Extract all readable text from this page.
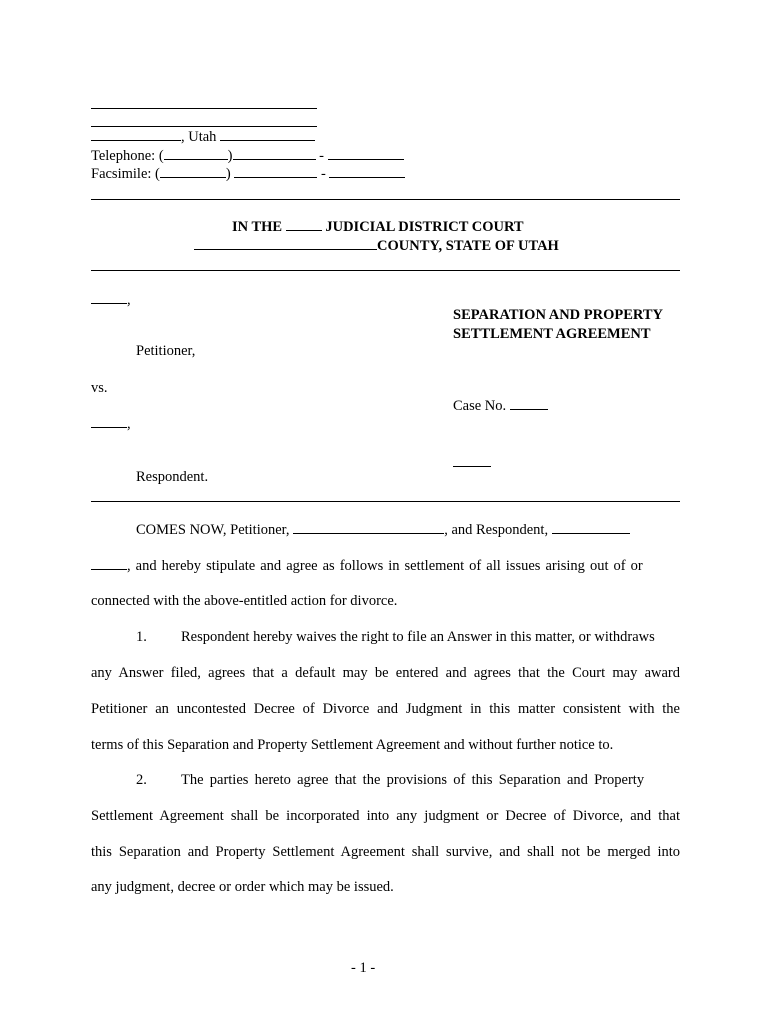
, Utah
Telephone: (	)	-
Facsimile: (	)	-
IN THE	JUDICIAL DISTRICT COURT
COUNTY, STATE OF UTAH
,
Petitioner,
vs.
,
Respondent.
SEPARATION AND PROPERTY
SETTLEMENT AGREEMENT
Case No.
COMES NOW, Petitioner,	, and Respondent,
, and hereby stipulate and agree as follows in settlement of all issues arising out of or
connected with the above-entitled action for divorce.
1. Respondent hereby waives the right to file an Answer in this matter, or withdraws
any Answer filed, agrees that a default may be entered and agrees that the Court may award
Petitioner an uncontested Decree of Divorce and Judgment in this matter consistent with the
terms of this Separation and Property Settlement Agreement and without further notice to.
2. The parties hereto agree that the provisions of this Separation and Property
Settlement Agreement shall be incorporated into any judgment or Decree of Divorce, and that
this Separation and Property Settlement Agreement shall survive, and shall not be merged into
any judgment, decree or order which may be issued.
- 1 -
